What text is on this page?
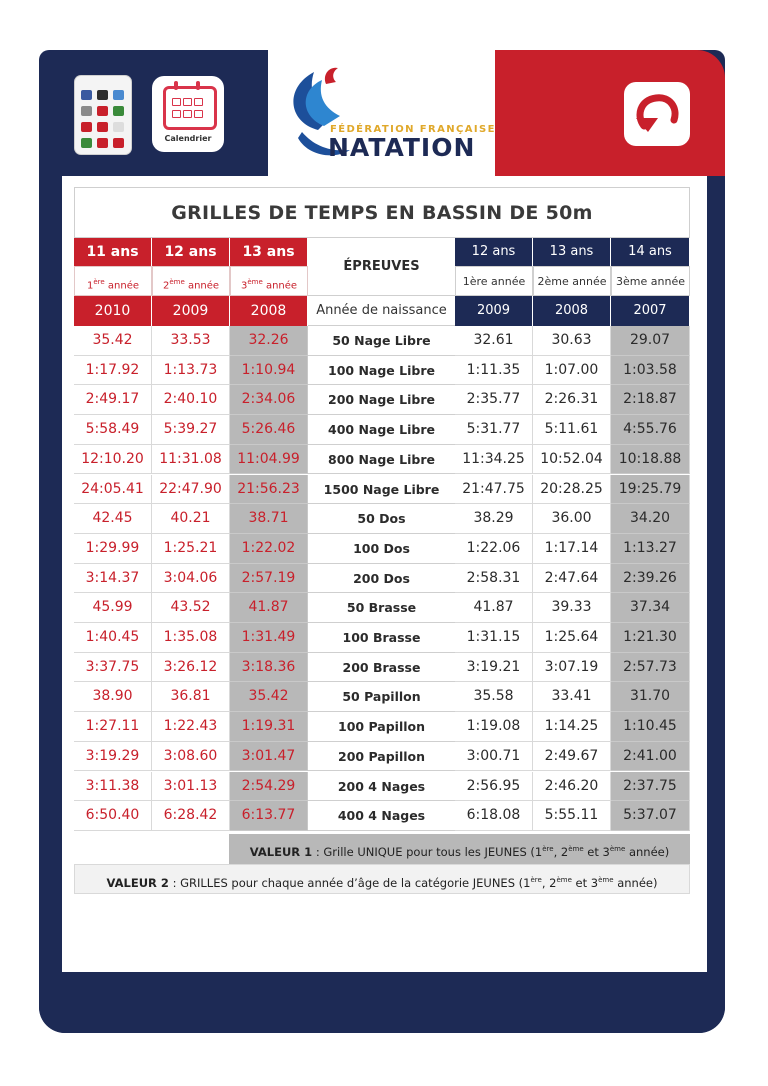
Calendrier
FÉDÉRATION FRANÇAISE
NATATION
GRILLES DE TEMPS EN BASSIN DE 50m
11 ans	12 ans	13 ans
ÉPREUVES
12 ans	13 ans	14 ans
1ère année	2ème année	3ème année	1ère année	2ème année 3ème année
2010	2009	2008	Année de naissance	2009	2008	2007
35.42	33.53	32.26	50 Nage Libre	32.61	30.63	29.07
1:17.92	1:13.73	1:10.94	100 Nage Libre	1:11.35	1:07.00	1:03.58
2:49.17	2:40.10	2:34.06	200 Nage Libre	2:35.77	2:26.31	2:18.87
5:58.49	5:39.27	5:26.46	400 Nage Libre	5:31.77	5:11.61	4:55.76
12:10.20	11:31.08	11:04.99	800 Nage Libre	11:34.25	10:52.04	10:18.88
24:05.41	22:47.90	21:56.23	1500 Nage Libre	21:47.75	20:28.25	19:25.79
42.45	40.21	38.71	50 Dos	38.29	36.00	34.20
1:29.99	1:25.21	1:22.02	100 Dos	1:22.06	1:17.14	1:13.27
3:14.37	3:04.06	2:57.19	200 Dos	2:58.31	2:47.64	2:39.26
45.99	43.52	41.87	50 Brasse	41.87	39.33	37.34
1:40.45	1:35.08	1:31.49	100 Brasse	1:31.15	1:25.64	1:21.30
3:37.75	3:26.12	3:18.36	200 Brasse	3:19.21	3:07.19	2:57.73
38.90	36.81	35.42	50 Papillon	35.58	33.41	31.70
1:27.11	1:22.43	1:19.31	100 Papillon	1:19.08	1:14.25	1:10.45
3:19.29	3:08.60	3:01.47	200 Papillon	3:00.71	2:49.67	2:41.00
3:11.38	3:01.13	2:54.29	200 4 Nages	2:56.95	2:46.20	2:37.75
6:50.40	6:28.42	6:13.77	400 4 Nages	6:18.08	5:55.11	5:37.07
VALEUR 1 : Grille UNIQUE pour tous les JEUNES (1ère, 2ème et 3ème année)
VALEUR 2 : GRILLES pour chaque année d’âge de la catégorie JEUNES (1ère, 2ème et 3ème année)
